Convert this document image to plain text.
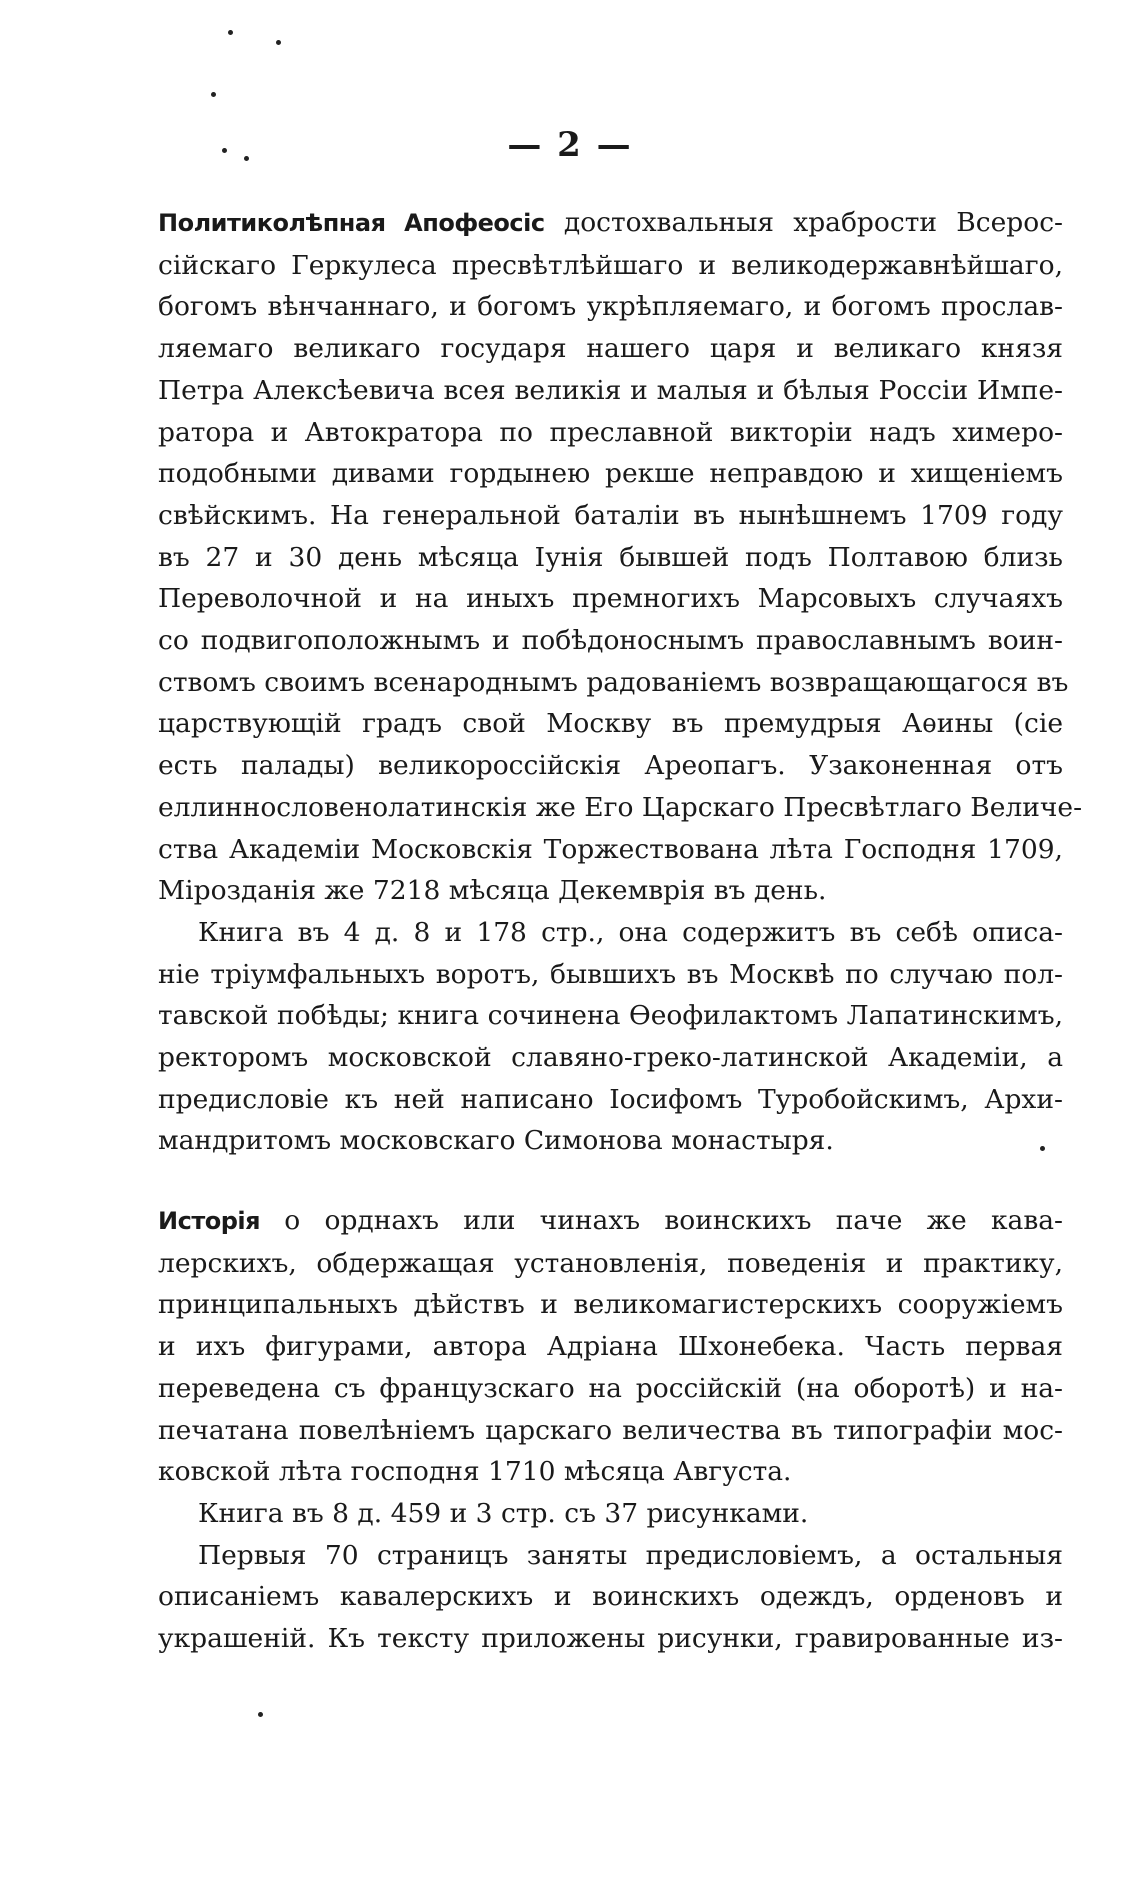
— 2 —
Политиколѣпная Апофеосіс достохвальныя храбрости Всерос-
сійскаго Геркулеса пресвѣтлѣйшаго и великодержавнѣйшаго,
богомъ вѣнчаннаго, и богомъ укрѣпляемаго, и богомъ прослав-
ляемаго великаго государя нашего царя и великаго князя
Петра Алексѣевича всея великія и малыя и бѣлыя Россіи Импе-
ратора и Автократора по преславной викторіи надъ химеро-
подобными дивами гордынею рекше неправдою и хищеніемъ
свѣйскимъ. На генеральной баталіи въ нынѣшнемъ 1709 году
въ 27 и 30 день мѣсяца Іунія бывшей подъ Полтавою близь
Переволочной и на иныхъ премногихъ Марсовыхъ случаяхъ
со подвигоположнымъ и побѣдоноснымъ православнымъ воин-
ствомъ своимъ всенароднымъ радованіемъ возвращающагося въ
царствующій градъ свой Москву въ премудрыя Аѳины (сіе
есть палады) великороссійскія Ареопагъ. Узаконенная отъ
еллиннословенолатинскія же Его Царскаго Пресвѣтлаго Величе-
ства Академіи Московскія Торжествована лѣта Господня 1709,
Мірозданія же 7218 мѣсяца Декемврія въ день.
Книга въ 4 д. 8 и 178 стр., она содержитъ въ себѣ описа-
ніе тріумфальныхъ воротъ, бывшихъ въ Москвѣ по случаю пол-
тавской побѣды; книга сочинена Ѳеофилактомъ Лапатинскимъ,
ректоромъ московской славяно-греко-латинской Академіи, а
предисловіе къ ней написано Іосифомъ Туробойскимъ, Архи-
мандритомъ московскаго Симонова монастыря.
Исторія о орднахъ или чинахъ воинскихъ паче же кава-
лерскихъ, обдержащая установленія, поведенія и практику,
принципальныхъ дѣйствъ и великомагистерскихъ сооружіемъ
и ихъ фигурами, автора Адріана Шхонебека. Часть первая
переведена съ французскаго на россійскій (на оборотѣ) и на-
печатана повелѣніемъ царскаго величества въ типографіи мос-
ковской лѣта господня 1710 мѣсяца Августа.
Книга въ 8 д. 459 и 3 стр. съ 37 рисунками.
Первыя 70 страницъ заняты предисловіемъ, а остальныя
описаніемъ кавалерскихъ и воинскихъ одеждъ, орденовъ и
украшеній. Къ тексту приложены рисунки, гравированные из-
